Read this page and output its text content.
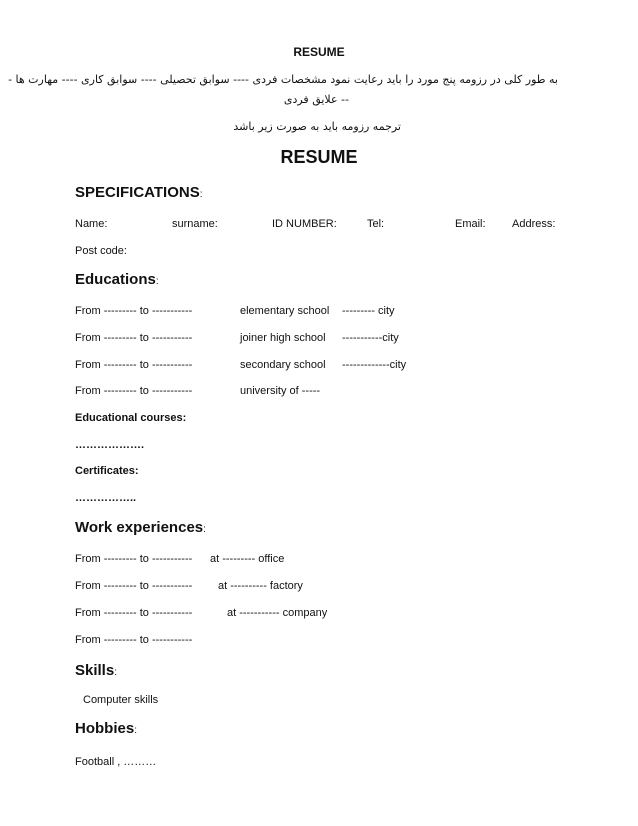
RESUME
به طور کلی در رزومه پنج مورد را باید رعایت نمود مشخصات فردی ---- سوابق تحصیلی ---- سوابق کاری ---- مهارت ها -
-- علایق فردی
ترجمه رزومه باید به صورت زیر باشد
RESUME
SPECIFICATIONS:
Name:	surname:	ID NUMBER:	Tel:	Email: Address:
Post code:
Educations:
From --------- to -----------	elementary school --------- city
From --------- to -----------	joiner high school -----------city
From --------- to -----------	secondary school -------------city
From --------- to -----------	university of -----
Educational courses:
……………….
Certificates:
……………..
Work experiences:
From --------- to ----------- at --------- office
From --------- to ----------- at ---------- factory
From --------- to -----------	at ----------- company
From --------- to -----------
Skills:
Computer skills
Hobbies:
Football , ………
